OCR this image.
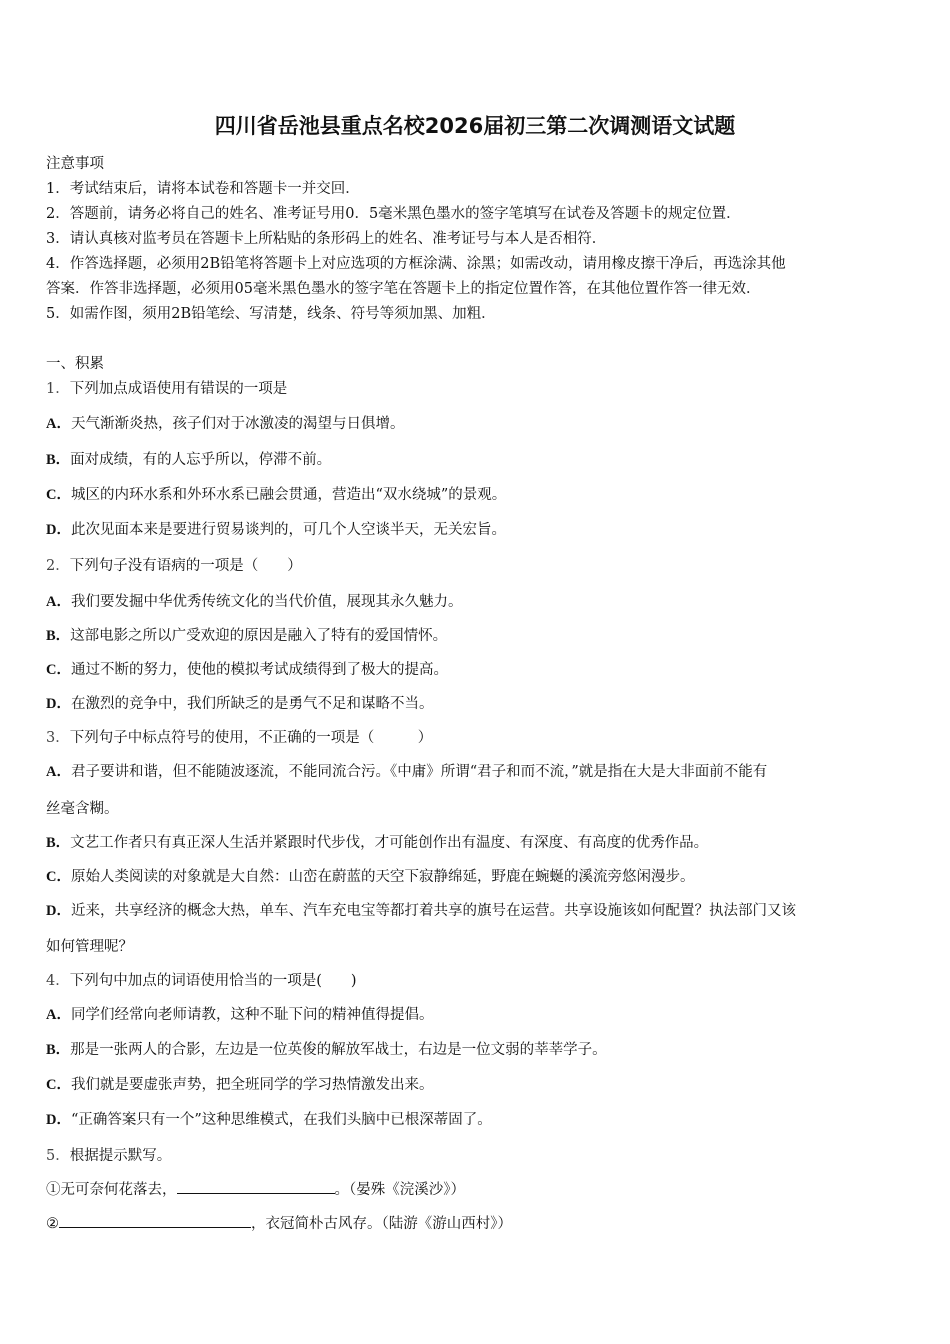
四川省岳池县重点名校2026届初三第二次调测语文试题
注意事项
1．考试结束后，请将本试卷和答题卡一并交回．
2．答题前，请务必将自己的姓名、准考证号用0．5毫米黑色墨水的签字笔填写在试卷及答题卡的规定位置．
3．请认真核对监考员在答题卡上所粘贴的条形码上的姓名、准考证号与本人是否相符．
4．作答选择题，必须用2B铅笔将答题卡上对应选项的方框涂满、涂黑；如需改动，请用橡皮擦干净后，再选涂其他
答案．作答非选择题，必须用05毫米黑色墨水的签字笔在答题卡上的指定位置作答，在其他位置作答一律无效．
5．如需作图，须用2B铅笔绘、写清楚，线条、符号等须加黑、加粗．
一、积累
1．下列加点成语使用有错误的一项是
A．天气渐渐炎热，孩子们对于冰激凌的渴望与日俱增。
B．面对成绩，有的人忘乎所以，停滞不前。
C．城区的内环水系和外环水系已融会贯通，营造出“双水绕城”的景观。
D．此次见面本来是要进行贸易谈判的，可几个人空谈半天，无关宏旨。
2．下列句子没有语病的一项是（　　）
A．我们要发掘中华优秀传统文化的当代价值，展现其永久魅力。
B．这部电影之所以广受欢迎的原因是融入了特有的爱国情怀。
C．通过不断的努力，使他的模拟考试成绩得到了极大的提高。
D．在激烈的竞争中，我们所缺乏的是勇气不足和谋略不当。
3．下列句子中标点符号的使用，不正确的一项是（　　　）
A．君子要讲和谐，但不能随波逐流，不能同流合污。《中庸》所谓“君子和而不流，”就是指在大是大非面前不能有
丝毫含糊。
B．文艺工作者只有真正深人生活并紧跟时代步伐，才可能创作出有温度、有深度、有高度的优秀作品。
C．原始人类阅读的对象就是大自然：山峦在蔚蓝的天空下寂静绵延，野鹿在蜿蜒的溪流旁悠闲漫步。
D．近来，共享经济的概念大热，单车、汽车充电宝等都打着共享的旗号在运营。共享设施该如何配置？执法部门又该
如何管理呢？
4．下列句中加点的词语使用恰当的一项是(　　)
A．同学们经常向老师请教，这种不耻下问的精神值得提倡。
B．那是一张两人的合影，左边是一位英俊的解放军战士，右边是一位文弱的莘莘学子。
C．我们就是要虚张声势，把全班同学的学习热情激发出来。
D．“正确答案只有一个”这种思维模式，在我们头脑中已根深蒂固了。
5．根据提示默写。
①无可奈何花落去，	。（晏殊《浣溪沙》）
②	，衣冠简朴古风存。（陆游《游山西村》）
